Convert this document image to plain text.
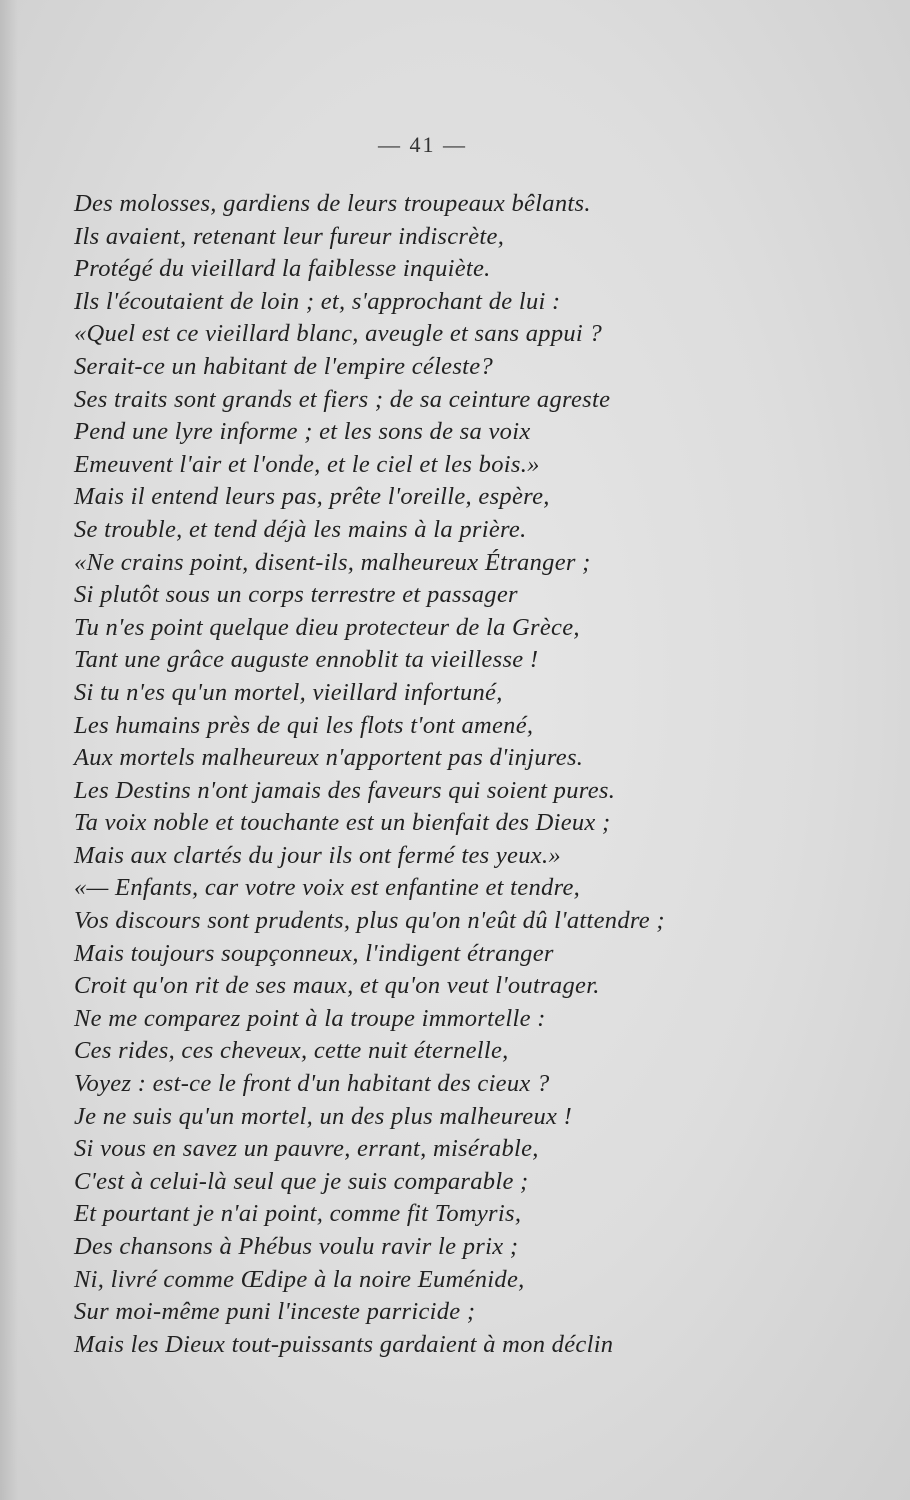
— 41 —
Des molosses, gardiens de leurs troupeaux bêlants.
Ils avaient, retenant leur fureur indiscrète,
Protégé du vieillard la faiblesse inquiète.
Ils l'écoutaient de loin ; et, s'approchant de lui :
«Quel est ce vieillard blanc, aveugle et sans appui ?
Serait-ce un habitant de l'empire céleste?
Ses traits sont grands et fiers ; de sa ceinture agreste
Pend une lyre informe ; et les sons de sa voix
Emeuvent l'air et l'onde, et le ciel et les bois.»
Mais il entend leurs pas, prête l'oreille, espère,
Se trouble, et tend déjà les mains à la prière.
«Ne crains point, disent-ils, malheureux Étranger ;
Si plutôt sous un corps terrestre et passager
Tu n'es point quelque dieu protecteur de la Grèce,
Tant une grâce auguste ennoblit ta vieillesse !
Si tu n'es qu'un mortel, vieillard infortuné,
Les humains près de qui les flots t'ont amené,
Aux mortels malheureux n'apportent pas d'injures.
Les Destins n'ont jamais des faveurs qui soient pures.
Ta voix noble et touchante est un bienfait des Dieux ;
Mais aux clartés du jour ils ont fermé tes yeux.»
«— Enfants, car votre voix est enfantine et tendre,
Vos discours sont prudents, plus qu'on n'eût dû l'attendre ;
Mais toujours soupçonneux, l'indigent étranger
Croit qu'on rit de ses maux, et qu'on veut l'outrager.
Ne me comparez point à la troupe immortelle :
Ces rides, ces cheveux, cette nuit éternelle,
Voyez : est-ce le front d'un habitant des cieux ?
Je ne suis qu'un mortel, un des plus malheureux !
Si vous en savez un pauvre, errant, misérable,
C'est à celui-là seul que je suis comparable ;
Et pourtant je n'ai point, comme fit Tomyris,
Des chansons à Phébus voulu ravir le prix ;
Ni, livré comme Œdipe à la noire Euménide,
Sur moi-même puni l'inceste parricide ;
Mais les Dieux tout-puissants gardaient à mon déclin
